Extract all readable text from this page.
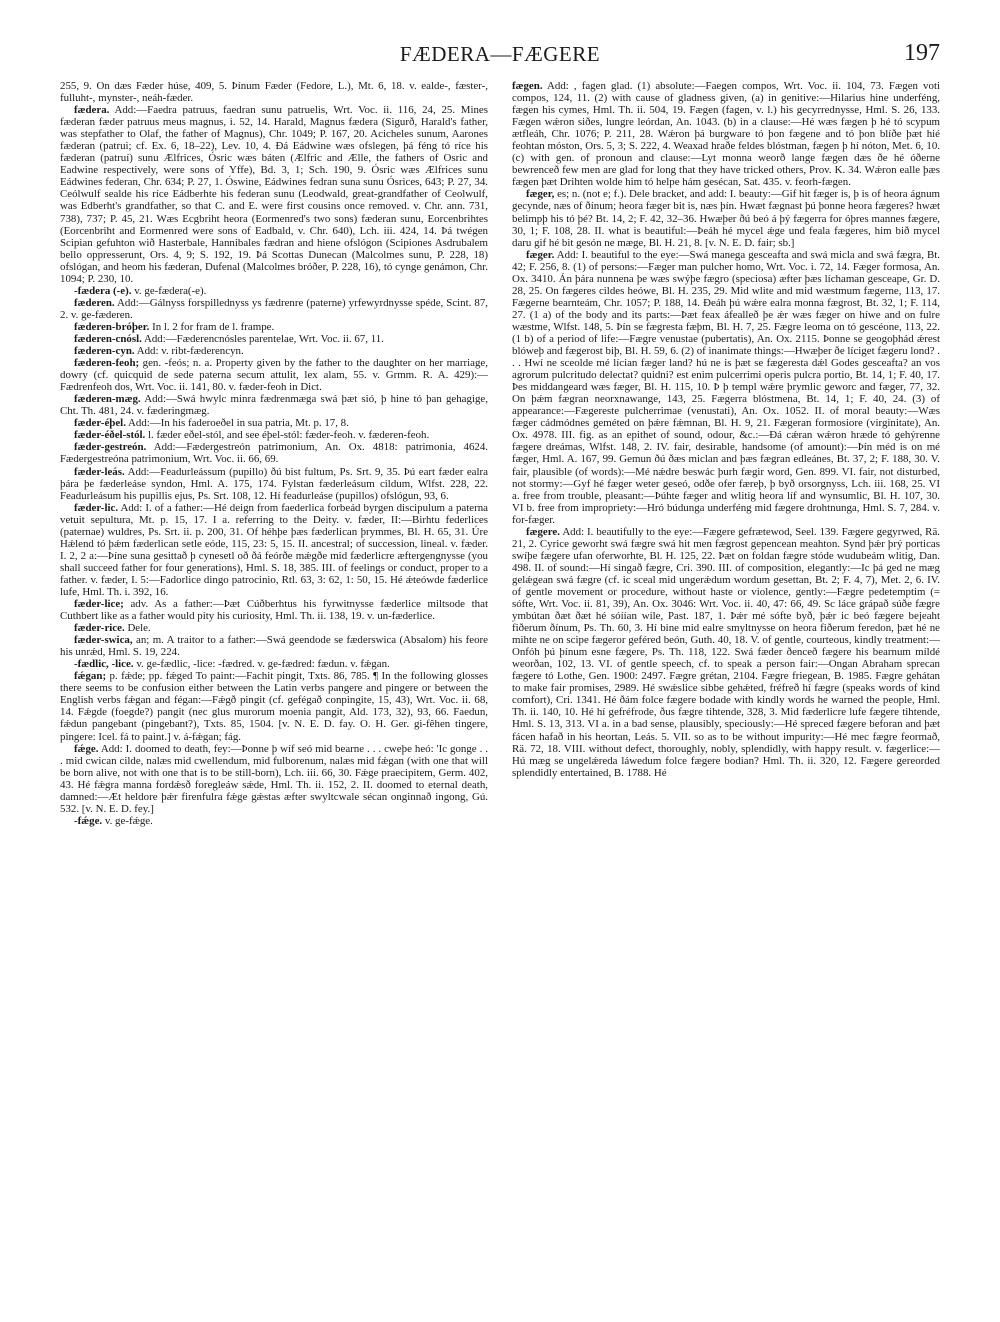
FÆDERA—FÆGERE	197

255, 9. On dæs Fæder húse, 409, 5. Þínum Fæder (Fedore, L.), Mt. 6, 18. v. ealde-, fæster-, fulluht-, mynster-, neáh-fæder.

fædera. Add:—Faedra patruus, faedran sunu patruelis, Wrt. Voc. ii. 116, 24, 25. Mines fæderan fæder patruus meus magnus, i. 52, 14. Harald, Magnus fædera (Sigurð, Harald's father, was stepfather to Olaf, the father of Magnus), Chr. 1049; P. 167, 20. Acicheles sunum, Aarones fæderan (patrui; cf. Ex. 6, 18–22), Lev. 10, 4. Đá Eádwine wæs ofslegen, þá féng tó ríce his fæderan (patruí) sunu Ælfrices, Ósric wæs báten (Ælfric and Ælle, the fathers of Osric and Eadwine respectively, were sons of Yffe), Bd. 3, 1; Sch. 190, 9. Ósric wæs Ælfrices sunu Eádwines federan, Chr. 634; P. 27, 1. Óswine, Eádwines fedran suna sunu Ósrices, 643; P. 27, 34. Ceólwulf sealde his ríce Eádberhte his federan sunu (Leodwald, great-grandfather of Ceolwulf, was Edberht's grandfather, so that C. and E. were first cousins once removed. v. Chr. ann. 731, 738), 737; P. 45, 21. Wæs Ecgbriht heora (Eormenred's two sons) fæderan sunu, Eorcenbrihtes (Eorcenbriht and Eormenred were sons of Eadbald, v. Chr. 640), Lch. iii. 424, 14. Þá twégen Scipian gefuhton wið Hasterbale, Hannibales fædran and hiene ofslógon (Scipiones Asdrubalem bello oppresserunt, Ors. 4, 9; S. 192, 19. Þá Scottas Dunecan (Malcolmes sunu, P. 228, 18) ofslógan, and heom his fæderan, Dufenal (Malcolmes bróðer, P. 228, 16), tó cynge genámon, Chr. 1094; P. 230, 10.

-fædera (-e). v. ge-fædera(-e).

fæderen. Add:—Gálnyss forspillednyss ys fædrenre (paterne) yrfewyrdnysse spéde, Scint. 87, 2. v. ge-fæderen.

fæderen-bróþer. In l. 2 for fram de l. frampe.

fæderen-cnósl. Add:—Fæderencnósles parentelae, Wrt. Voc. ii. 67, 11.

fæderen-cyn. Add: v. ribt-fæderencyn.

fæderen-feoh; gen. -feós; n. a. Property given by the father to the daughter on her marriage, dowry (cf. quicquid de sede paterna secum attulit, lex alam, 55. v. Grmm. R. A. 429):—Fædrenfeoh dos, Wrt. Voc. ii. 141, 80. v. fæder-feoh in Dict.

fæderen-mæg. Add:—Swá hwylc minra fædrenmæga swá þæt sió, þ hine tó þan gehagige, Cht. Th. 481, 24. v. fæderingmæg.

fæder-éþel. Add:—In his faderoeðel in sua patria, Mt. p. 17, 8.

fæder-éðel-stól. l. fæder eðel-stól, and see éþel-stól: fæder-feoh. v. fæderen-feoh.

fæder-gestreón. Add:—Fædergestreón patrimonium, An. Ox. 4818: patrimonia, 4624. Fædergestreóna patrimonium, Wrt. Voc. ii. 66, 69.

fæder-leás. Add:—Feadurleássum (pupillo) ðú bist fultum, Ps. Srt. 9, 35. Þú eart fæder ealra þára þe fæderleáse syndon, Hml. A. 175, 174. Fylstan fæderleásum cildum, Wlfst. 228, 22. Feadurleásum his pupillis ejus, Ps. Srt. 108, 12. Hí feadurleáse (pupillos) ofslógun, 93, 6.

fæder-lic. Add: I. of a father:—Hé deign from faederlica forbeád byrgen discipulum a paterna vetuit sepultura, Mt. p. 15, 17. I a. referring to the Deity. v. fæder, II:—Birhtu federlices (paternae) wuldres, Ps. Srt. ii. p. 200, 31. Of héhþe þæs fæderlican þrymmes, Bl. H. 65, 31. Úre Hǽlend tó þǽm fæderlican setle eóde, 115, 23: 5, 15. II. ancestral; of succession, lineal. v. fæder. I. 2, 2 a:—Þíne suna gesittað þ cynesetl oð ðá feórðe mǽgðe mid fæderlicre æftergengnysse (you shall succeed father for four generations), Hml. S. 18, 385. III. of feelings or conduct, proper to a father. v. fæder, I. 5:—Fadorlice dingo patrocinio, Rtl. 63, 3: 62, 1: 50, 15. Hé ǽteówde fæderlice lufe, Hml. Th. i. 392, 16.

fæder-lice; adv. As a father:—Þæt Cúðberhtus his fyrwitnysse fæderlice miltsode that Cuthbert like as a father would pity his curiosity, Hml. Th. ii. 138, 19. v. un-fæderlice.

fæder-rice. Dele.

fæder-swica, an; m. A traitor to a father:—Swá geendode se fæderswica (Absalom) his feore his unrǽd, Hml. S. 19, 224.

-fædlic, -lice. v. ge-fædlic, -lice: -fædred. v. ge-fædred: fædun. v. fǽgan.

fǽgan; p. fǽde; pp. fǽged To paint:—Fachit pingit, Txts. 86, 785. ¶ In the following glosses there seems to be confusion either between the Latin verbs pangere and pingere or between the English verbs fǽgan and fégan:—Fǽgð pingit (cf. gefégað conpingite, 15, 43), Wrt. Voc. ii. 68, 14. Fǽgde (foegde?) pangit (nec glus murorum moenia pangit, Ald. 173, 32), 93, 66. Faedun, fǽdun pangebant (pingebant?), Txts. 85, 1504. [v. N. E. D. fay. O. H. Ger. gi-fêhen tingere, pingere: Icel. fá to paint.] v. á-fǽgan; fág.

fǽge. Add: I. doomed to death, fey:—Þonne þ wíf seó mid bearne . . . cweþe heó: 'Ic gonge . . . mid cwican cilde, nalæs mid cwellendum, mid fulborenum, nalæs mid fǽgan (with one that will be born alive, not with one that is to be still-born), Lch. iii. 66, 30. Fǽge praecipitem, Germ. 402, 43. Hé fǽgra manna fordǽsð foregleáw sǽde, Hml. Th. ii. 152, 2. II. doomed to eternal death, damned:—Æt heldore þǽr firenfulra fǽge gǽstas æfter swyltcwale sécan onginnað ingong, Gú. 532. [v. N. E. D. fey.]

-fǽge. v. ge-fǽge.

fægen. Add: , fagen glad. (1) absolute:—Faegen compos, Wrt. Voc. ii. 104, 73. Fægen voti compos, 124, 11. (2) with cause of gladness given, (a) in genitive:—Hilarius hine underféng, fægen his cymes, Hml. Th. ii. 504, 19. Fægen (fagen, v. l.) his gecyrrednysse, Hml. S. 26, 133. Fægen wǽron siðes, lungre leórdan, An. 1043. (b) in a clause:—Hé wæs fægen þ hé tó scypum ætfleáh, Chr. 1076; P. 211, 28. Wǽron þá burgware tó þon fægene and tó þon blíðe þæt hié feohtan móston, Ors. 5, 3; S. 222, 4. Weaxad hraðe feldes blóstman, fægen þ hí nóton, Met. 6, 10. (c) with gen. of pronoun and clause:—Lyt monna weorð lange fægen dæs ðe hé óðerne bewrenceð few men are glad for long that they have tricked others, Prov. K. 34. Wǽron ealle þæs fægen þæt Drihten wolde him tó helpe hám gesécan, Sat. 435. v. feorh-fægen.

fæger, es; n. (not e; f.). Dele bracket, and add: I. beauty:—Gif hit fæger is, þ is of heora ágnum gecynde, næs of ðínum; heora fæger bit is, næs þín. Hwæt fægnast þú þonne heora fægeres? hwæt belimpþ his tó þé? Bt. 14, 2; F. 42, 32–36. Hwæþer ðú beó á þý fægerra for óþres mannes fægere, 30, 1; F. 108, 28. II. what is beautiful:—Þeáh hé mycel ǽge und feala fægeres, him bið mycel daru gif hé bit gesón ne mæge, Bl. H. 21, 8. [v. N. E. D. fair; sb.]

fæger. Add: I. beautiful to the eye:—Swá manega gesceafta and swá micla and swá fægra, Bt. 42; F. 256, 8. (1) of persons:—Fæger man pulcher homo, Wrt. Voc. i. 72, 14. Fæger formosa, An. Ox. 3410. Án þára nunnena þe wæs swýþe fægro (speciosa) æfter þæs líchaman gesceape, Gr. D. 28, 25. On fægeres cildes heówe, Bl. H. 235, 29. Mid wlite and mid wæstmum fægerne, 113, 17. Fægerne bearnteám, Chr. 1057; P. 188, 14. Đeáh þú wǽre ealra monna fægrost, Bt. 32, 1; F. 114, 27. (1 a) of the body and its parts:—Þæt feax áfealleð þe ǽr wæs fæger on híwe and on fulre wæstme, Wlfst. 148, 5. Þín se fægresta fæþm, Bl. H. 7, 25. Fægre leoma on tó gescéone, 113, 22. (1 b) of a period of life:—Fægre venustae (pubertatis), An. Ox. 2115. Þonne se geogoþhád ǽrest blóweþ and fægerost biþ, Bl. H. 59, 6. (2) of inanimate things:—Hwæþer ðe líciget fægeru lond? . . . Hwí ne sceolde mé lícian fæger land? hú ne is þæt se fægeresta dǽl Godes gesceafta? an vos agrorum pulcritudo delectat? quidni? est enim pulcerrimi operis pulcra portio, Bt. 14, 1; F. 40, 17. Þes middangeard wæs fæger, Bl. H. 115, 10. Þ þ templ wǽre þrymlic geworc and fæger, 77, 32. On þǽm fægran neorxnawange, 143, 25. Fægerra blóstmena, Bt. 14, 1; F. 40, 24. (3) of appearance:—Fægereste pulcherrimae (venustati), An. Ox. 1052. II. of moral beauty:—Wæs fæger cádmódnes geméted on þǽre fǽmnan, Bl. H. 9, 21. Fægeran formosiore (virginitate), An. Ox. 4978. III. fig. as an epithet of sound, odour, &c.:—Đá cǽran wǽron hræde tó gehýrenne fægere dreámas, Wlfst. 148, 2. IV. fair, desirable, handsome (of amount):—Þín méd is on mé fæger, Hml. A. 167, 99. Gemun ðú ðæs miclan and þæs fægran edleánes, Bt. 37, 2; F. 188, 30. V. fair, plausible (of words):—Mé nǽdre beswác þurh fægir word, Gen. 899. VI. fair, not disturbed, not stormy:—Gyf hé fæger weter geseó, odðe ofer færeþ, þ byð orsorgnyss, Lch. iii. 168, 25. VI a. free from trouble, pleasant:—Þúhte fæger and wlitig heora líf and wynsumlic, Bl. H. 107, 30. VI b. free from impropriety:—Hró búdunga underféng mid fægere drohtnunga, Hml. S. 7, 284. v. for-fæger.

fægere. Add: I. beautifully to the eye:—Fægere gefrætewod, Seel. 139. Fægere gegyrwed, Rä. 21, 2. Cyrice geworht swá fægre swá hit men fægrost gepencean meahton. Synd þǽr þrý porticas swíþe fægere ufan oferworhte, Bl. H. 125, 22. Þæt on foldan fægre stóde wudubeám wlitig, Dan. 498. II. of sound:—Hí singað fægre, Cri. 390. III. of composition, elegantly:—Ic þá ged ne mæg gelǽgean swá fægre (cf. ic sceal mid ungerǽdum wordum gesettan, Bt. 2; F. 4, 7), Met. 2, 6. IV. of gentle movement or procedure, without haste or violence, gently:—Fægre pedetemptim (= sófte, Wrt. Voc. ii. 81, 39), An. Ox. 3046: Wrt. Voc. ii. 40, 47: 66, 49. Sc láce grápað súðe fægre ymbútan ðæt ðæt hé sóíían wile, Past. 187, 1. Þǽr mé sófte byð, þǽr ic beó fægere bejeaht fiðerum ðínum, Ps. Th. 60, 3. Hí bine mid ealre smyltnysse on heora fiðerum feredon, þæt hé ne mihte ne on scipe fægeror geféred beón, Guth. 40, 18. V. of gentle, courteous, kindly treatment:—Onfóh þú þínum esne fægere, Ps. Th. 118, 122. Swá fæder ðenceð fægere his bearnum míldé weorðan, 102, 13. VI. of gentle speech, cf. to speak a person fair:—Ongan Abraham sprecan fægere tó Lothe, Gen. 1900: 2497. Fægre grétan, 2104. Fægre friegean, B. 1985. Fægre gehátan to make fair promises, 2989. Hé swǽslice sibbe gehǽted, fréfreð hí fægre (speaks words of kind comfort), Cri. 1341. Hé ðám folce fægere bodade with kindly words he warned the people, Hml. Th. ii. 140, 10. Hé hí gefréfrode, ðus fægre tihtende, 328, 3. Mid fæderlicre lufe fægere tihtende, Hml. S. 13, 313. VI a. in a bad sense, plausibly, speciously:—Hé spreced fægere beforan and þæt fácen hafað in his heortan, Leás. 5. VII. so as to be without impurity:—Hé mec fægre feormað, Rä. 72, 18. VIII. without defect, thoroughly, nobly, splendidly, with happy result. v. fægerlice:—Hú mæg se ungelǽreda láwedum folce fægere bodian? Hml. Th. ii. 320, 12. Fægere gereorded splendidly entertained, B. 1788. Hé
